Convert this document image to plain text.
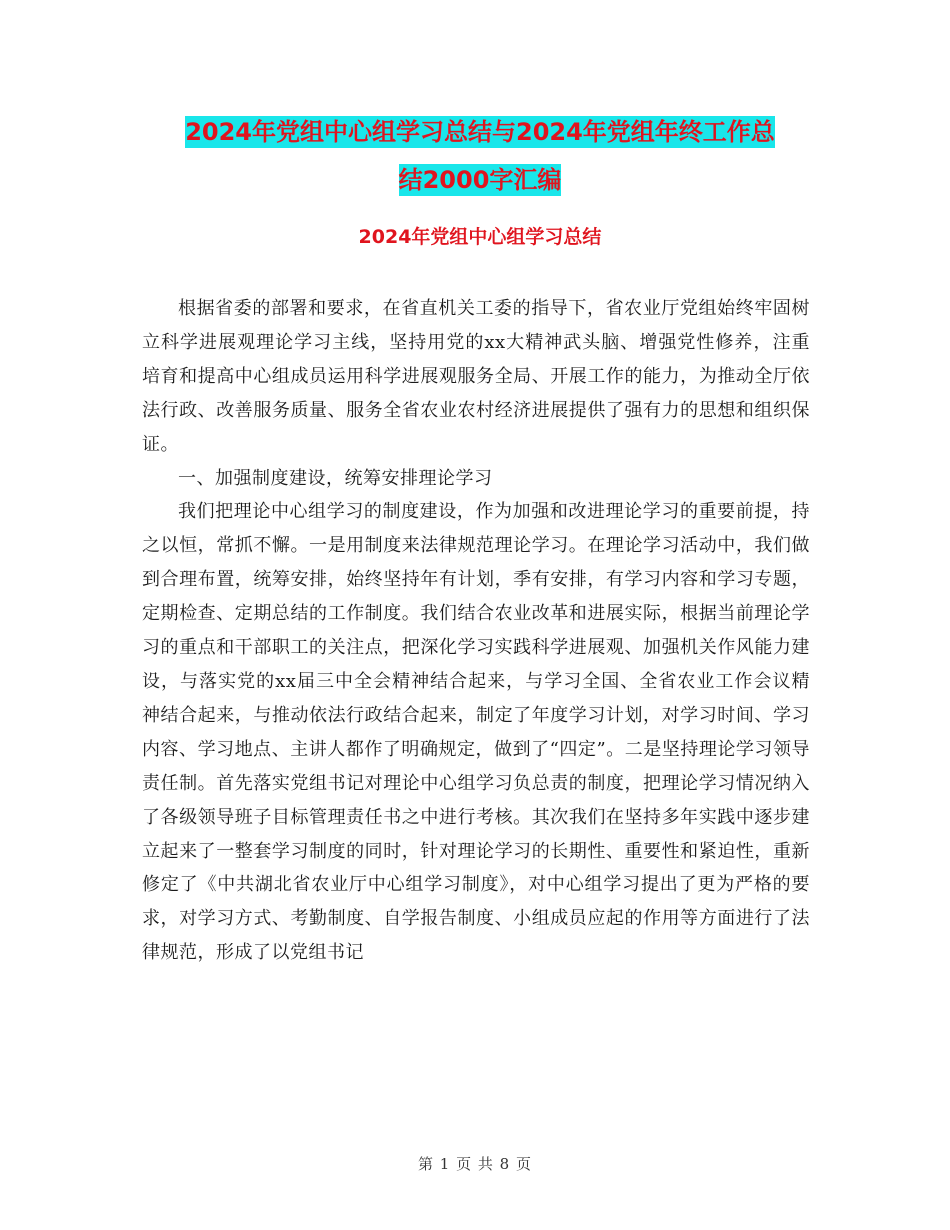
2024年党组中心组学习总结与2024年党组年终工作总
结2000字汇编
2024年党组中心组学习总结

根据省委的部署和要求，在省直机关工委的指导下，省农业厅党组始终牢固树立科学进展观理论学习主线，坚持用党的xx大精神武头脑、增强党性修养，注重培育和提高中心组成员运用科学进展观服务全局、开展工作的能力，为推动全厅依法行政、改善服务质量、服务全省农业农村经济进展提供了强有力的思想和组织保证。

一、加强制度建设，统筹安排理论学习

我们把理论中心组学习的制度建设，作为加强和改进理论学习的重要前提，持之以恒，常抓不懈。一是用制度来法律规范理论学习。在理论学习活动中，我们做到合理布置，统筹安排，始终坚持年有计划，季有安排，有学习内容和学习专题，定期检查、定期总结的工作制度。我们结合农业改革和进展实际，根据当前理论学习的重点和干部职工的关注点，把深化学习实践科学进展观、加强机关作风能力建设，与落实党的xx届三中全会精神结合起来，与学习全国、全省农业工作会议精神结合起来，与推动依法行政结合起来，制定了年度学习计划，对学习时间、学习内容、学习地点、主讲人都作了明确规定，做到了“四定”。二是坚持理论学习领导责任制。首先落实党组书记对理论中心组学习负总责的制度，把理论学习情况纳入了各级领导班子目标管理责任书之中进行考核。其次我们在坚持多年实践中逐步建立起来了一整套学习制度的同时，针对理论学习的长期性、重要性和紧迫性，重新修定了《中共湖北省农业厅中心组学习制度》，对中心组学习提出了更为严格的要求，对学习方式、考勤制度、自学报告制度、小组成员应起的作用等方面进行了法律规范，形成了以党组书记

第 1 页 共 8 页
